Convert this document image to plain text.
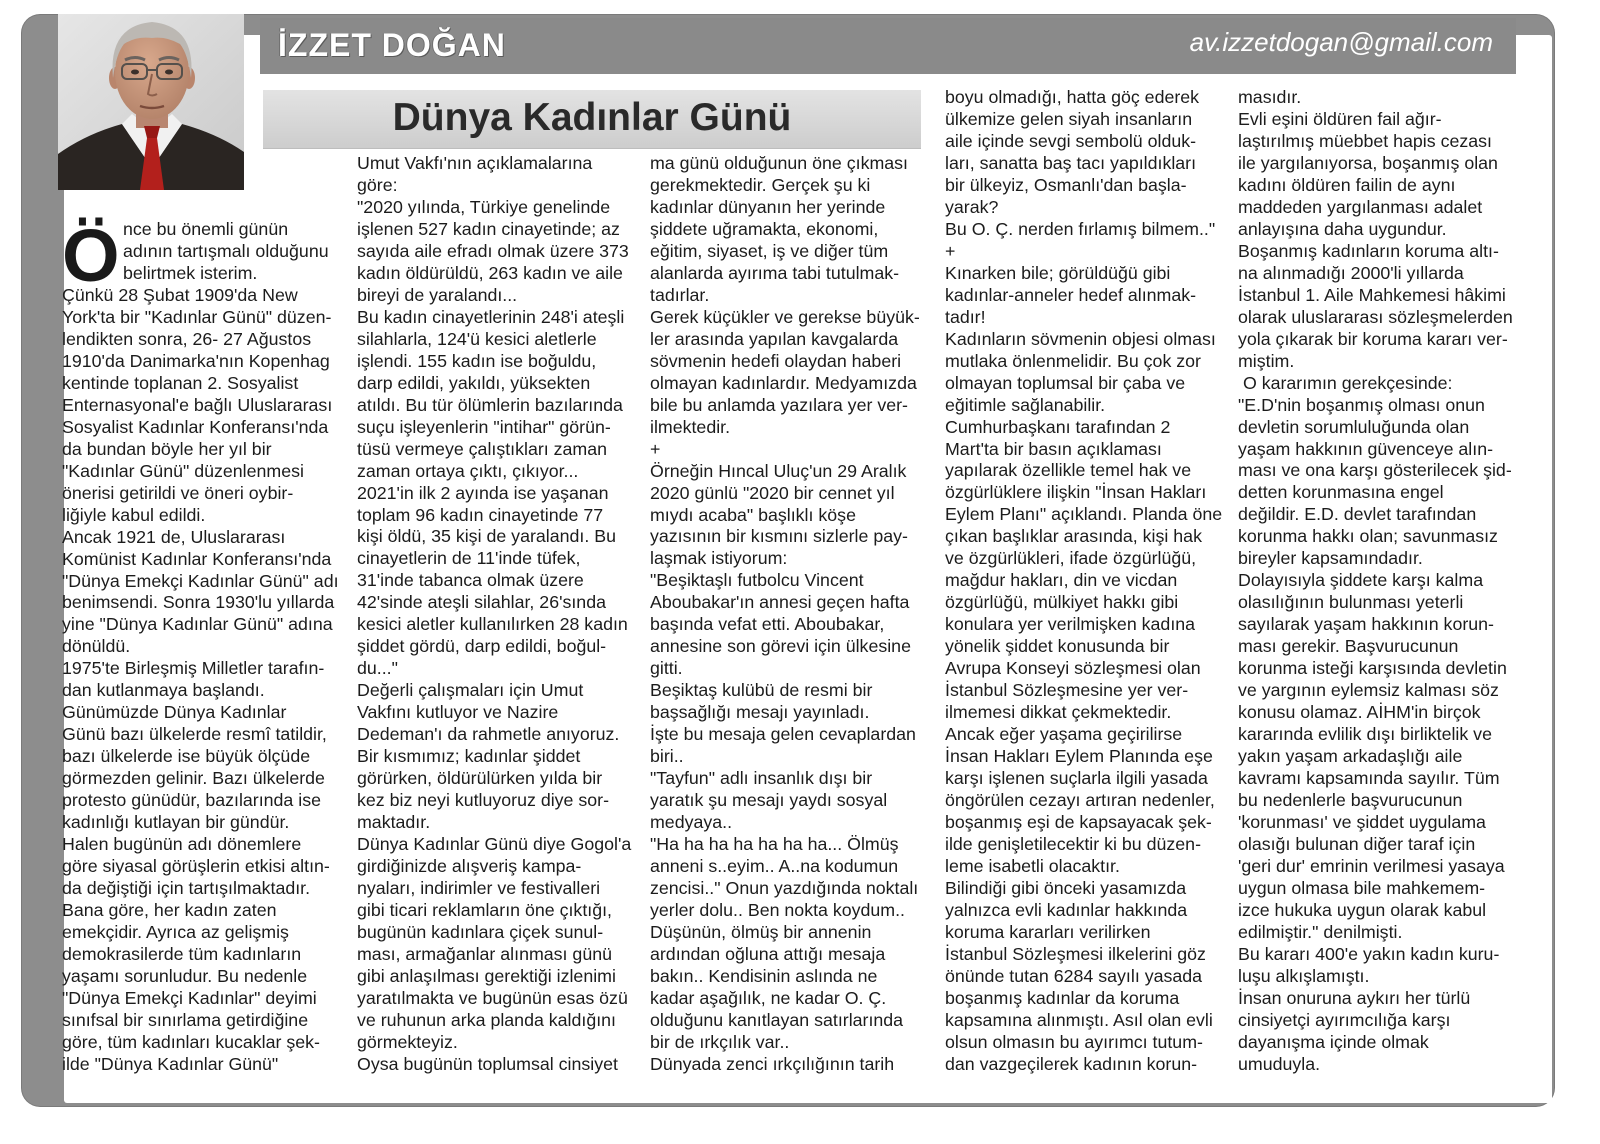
İZZET DOĞAN	av.izzetdogan@gmail.com
Dünya Kadınlar Günü
Ö nce bu önemli günün
adının tartışmalı olduğunu
belirtmek isterim.
Çünkü 28 Şubat 1909'da New
York'ta bir "Kadınlar Günü" düzen-
lendikten sonra, 26- 27 Ağustos
1910'da Danimarka'nın Kopenhag
kentinde toplanan 2. Sosyalist
Enternasyonal'e bağlı Uluslararası
Sosyalist Kadınlar Konferansı'nda
da bundan böyle her yıl bir
"Kadınlar Günü" düzenlenmesi
önerisi getirildi ve öneri oybir-
liğiyle kabul edildi.
Ancak 1921 de, Uluslararası
Komünist Kadınlar Konferansı'nda
"Dünya Emekçi Kadınlar Günü" adı
benimsendi. Sonra 1930'lu yıllarda
yine "Dünya Kadınlar Günü" adına
dönüldü.
1975'te Birleşmiş Milletler tarafın-
dan kutlanmaya başlandı.
Günümüzde Dünya Kadınlar
Günü bazı ülkelerde resmî tatildir,
bazı ülkelerde ise büyük ölçüde
görmezden gelinir. Bazı ülkelerde
protesto günüdür, bazılarında ise
kadınlığı kutlayan bir gündür.
Halen bugünün adı dönemlere
göre siyasal görüşlerin etkisi altın-
da değiştiği için tartışılmaktadır.
Bana göre, her kadın zaten
emekçidir. Ayrıca az gelişmiş
demokrasilerde tüm kadınların
yaşamı sorunludur. Bu nedenle
"Dünya Emekçi Kadınlar" deyimi
sınıfsal bir sınırlama getirdiğine
göre, tüm kadınları kucaklar şek-
ilde "Dünya Kadınlar Günü"
Umut Vakfı'nın açıklamalarına
göre:
"2020 yılında, Türkiye genelinde
işlenen 527 kadın cinayetinde; az
sayıda aile efradı olmak üzere 373
kadın öldürüldü, 263 kadın ve aile
bireyi de yaralandı...
Bu kadın cinayetlerinin 248'i ateşli
silahlarla, 124'ü kesici aletlerle
işlendi. 155 kadın ise boğuldu,
darp edildi, yakıldı, yüksekten
atıldı. Bu tür ölümlerin bazılarında
suçu işleyenlerin "intihar" görün-
tüsü vermeye çalıştıkları zaman
zaman ortaya çıktı, çıkıyor...
2021'in ilk 2 ayında ise yaşanan
toplam 96 kadın cinayetinde 77
kişi öldü, 35 kişi de yaralandı. Bu
cinayetlerin de 11'inde tüfek,
31'inde tabanca olmak üzere
42'sinde ateşli silahlar, 26'sında
kesici aletler kullanılırken 28 kadın
şiddet gördü, darp edildi, boğul-
du..."
Değerli çalışmaları için Umut
Vakfını kutluyor ve Nazire
Dedeman'ı da rahmetle anıyoruz.
Bir kısmımız; kadınlar şiddet
görürken, öldürülürken yılda bir
kez biz neyi kutluyoruz diye sor-
maktadır.
Dünya Kadınlar Günü diye Gogol'a
girdiğinizde alışveriş kampa-
nyaları, indirimler ve festivalleri
gibi ticari reklamların öne çıktığı,
bugünün kadınlara çiçek sunul-
ması, armağanlar alınması günü
gibi anlaşılması gerektiği izlenimi
yaratılmakta ve bugünün esas özü
ve ruhunun arka planda kaldığını
görmekteyiz.
Oysa bugünün toplumsal cinsiyet
ma günü olduğunun öne çıkması
gerekmektedir. Gerçek şu ki
kadınlar dünyanın her yerinde
şiddete uğramakta, ekonomi,
eğitim, siyaset, iş ve diğer tüm
alanlarda ayırıma tabi tutulmak-
tadırlar.
Gerek küçükler ve gerekse büyük-
ler arasında yapılan kavgalarda
sövmenin hedefi olaydan haberi
olmayan kadınlardır. Medyamızda
bile bu anlamda yazılara yer ver-
ilmektedir.
+
Örneğin Hıncal Uluç'un 29 Aralık
2020 günlü "2020 bir cennet yıl
mıydı acaba" başlıklı köşe
yazısının bir kısmını sizlerle pay-
laşmak istiyorum:
"Beşiktaşlı futbolcu Vincent
Aboubakar'ın annesi geçen hafta
başında vefat etti. Aboubakar,
annesine son görevi için ülkesine
gitti.
Beşiktaş kulübü de resmi bir
başsağlığı mesajı yayınladı.
İşte bu mesaja gelen cevaplardan
biri..
"Tayfun" adlı insanlık dışı bir
yaratık şu mesajı yaydı sosyal
medyaya..
"Ha ha ha ha ha ha ha... Ölmüş
anneni s..eyim.. A..na kodumun
zencisi.." Onun yazdığında noktalı
yerler dolu.. Ben nokta koydum..
Düşünün, ölmüş bir annenin
ardından oğluna attığı mesaja
bakın.. Kendisinin aslında ne
kadar aşağılık, ne kadar O. Ç.
olduğunu kanıtlayan satırlarında
bir de ırkçılık var..
Dünyada zenci ırkçılığının tarih
boyu olmadığı, hatta göç ederek
ülkemize gelen siyah insanların
aile içinde sevgi sembolü olduk-
ları, sanatta baş tacı yapıldıkları
bir ülkeyiz, Osmanlı'dan başla-
yarak?
Bu O. Ç. nerden fırlamış bilmem.."
+
Kınarken bile; görüldüğü gibi
kadınlar-anneler hedef alınmak-
tadır!
Kadınların sövmenin objesi olması
mutlaka önlenmelidir. Bu çok zor
olmayan toplumsal bir çaba ve
eğitimle sağlanabilir.
Cumhurbaşkanı tarafından 2
Mart'ta bir basın açıklaması
yapılarak özellikle temel hak ve
özgürlüklere ilişkin "İnsan Hakları
Eylem Planı" açıklandı. Planda öne
çıkan başlıklar arasında, kişi hak
ve özgürlükleri, ifade özgürlüğü,
mağdur hakları, din ve vicdan
özgürlüğü, mülkiyet hakkı gibi
konulara yer verilmişken kadına
yönelik şiddet konusunda bir
Avrupa Konseyi sözleşmesi olan
İstanbul Sözleşmesine yer ver-
ilmemesi dikkat çekmektedir.
Ancak eğer yaşama geçirilirse
İnsan Hakları Eylem Planında eşe
karşı işlenen suçlarla ilgili yasada
öngörülen cezayı artıran nedenler,
boşanmış eşi de kapsayacak şek-
ilde genişletilecektir ki bu düzen-
leme isabetli olacaktır.
Bilindiği gibi önceki yasamızda
yalnızca evli kadınlar hakkında
koruma kararları verilirken
İstanbul Sözleşmesi ilkelerini göz
önünde tutan 6284 sayılı yasada
boşanmış kadınlar da koruma
kapsamına alınmıştı. Asıl olan evli
olsun olmasın bu ayırımcı tutum-
dan vazgeçilerek kadının korun-
masıdır.
Evli eşini öldüren fail ağır-
laştırılmış müebbet hapis cezası
ile yargılanıyorsa, boşanmış olan
kadını öldüren failin de aynı
maddeden yargılanması adalet
anlayışına daha uygundur.
Boşanmış kadınların koruma altı-
na alınmadığı 2000'li yıllarda
İstanbul 1. Aile Mahkemesi hâkimi
olarak uluslararası sözleşmelerden
yola çıkarak bir koruma kararı ver-
miştim.
O kararımın gerekçesinde:
"E.D'nin boşanmış olması onun
devletin sorumluluğunda olan
yaşam hakkının güvenceye alın-
ması ve ona karşı gösterilecek şid-
detten korunmasına engel
değildir. E.D. devlet tarafından
korunma hakkı olan; savunmasız
bireyler kapsamındadır.
Dolayısıyla şiddete karşı kalma
olasılığının bulunması yeterli
sayılarak yaşam hakkının korun-
ması gerekir. Başvurucunun
korunma isteği karşısında devletin
ve yargının eylemsiz kalması söz
konusu olamaz. AİHM'in birçok
kararında evlilik dışı birliktelik ve
yakın yaşam arkadaşlığı aile
kavramı kapsamında sayılır. Tüm
bu nedenlerle başvurucunun
'korunması' ve şiddet uygulama
olasığı bulunan diğer taraf için
'geri dur' emrinin verilmesi yasaya
uygun olmasa bile mahkemem-
izce hukuka uygun olarak kabul
edilmiştir." denilmişti.
Bu kararı 400'e yakın kadın kuru-
luşu alkışlamıştı.
İnsan onuruna aykırı her türlü
cinsiyetçi ayırımcılığa karşı
dayanışma içinde olmak
umuduyla.
